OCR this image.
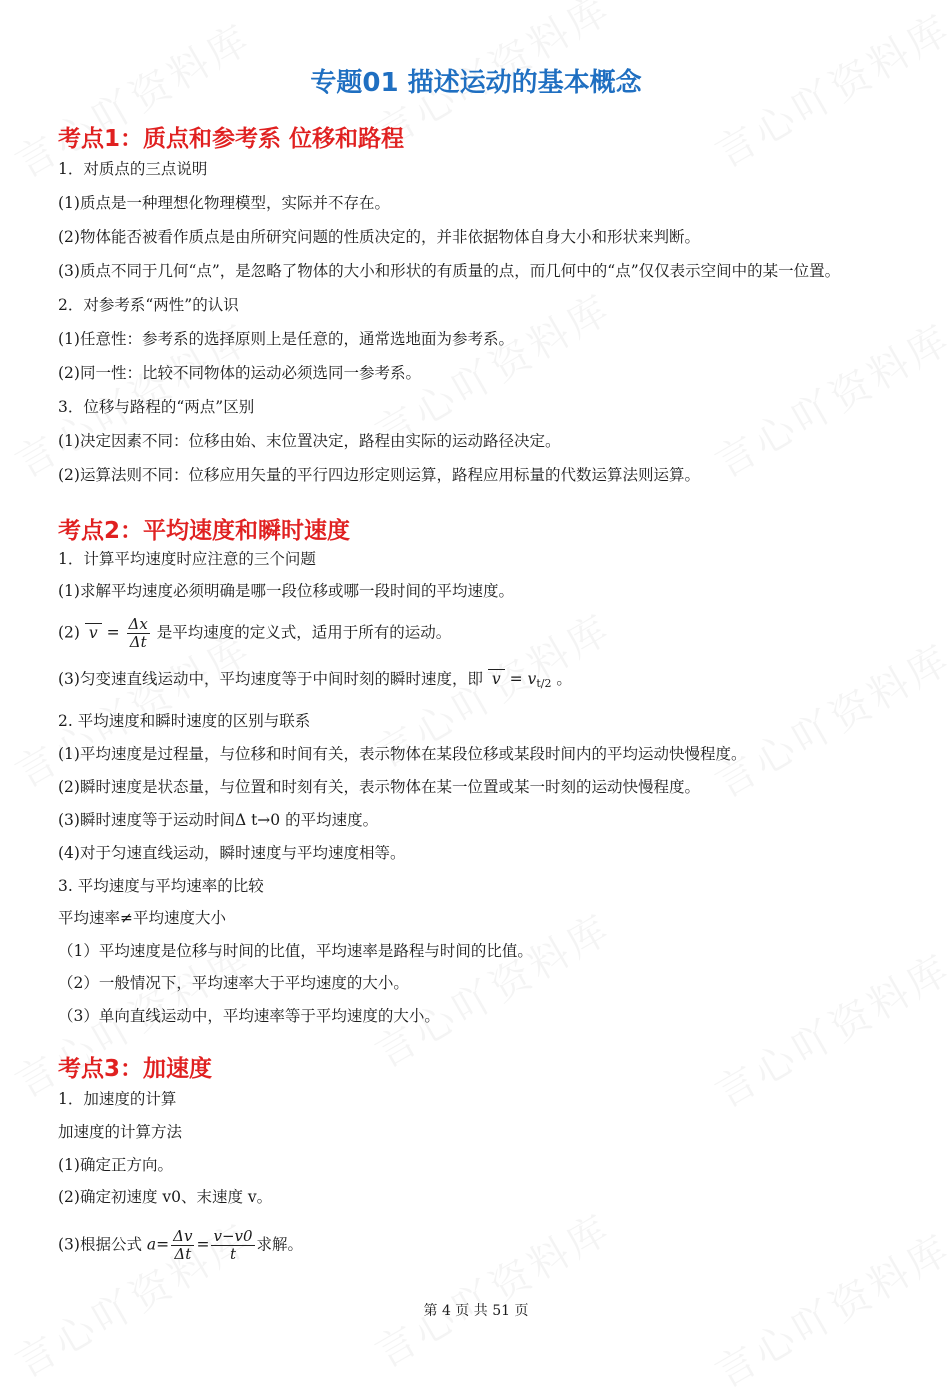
专题01 描述运动的基本概念
考点1：质点和参考系 位移和路程
1．对质点的三点说明
(1)质点是一种理想化物理模型，实际并不存在。
(2)物体能否被看作质点是由所研究问题的性质决定的，并非依据物体自身大小和形状来判断。
(3)质点不同于几何“点”，是忽略了物体的大小和形状的有质量的点，而几何中的“点”仅仅表示空间中的某一位置。
2．对参考系“两性”的认识
(1)任意性：参考系的选择原则上是任意的，通常选地面为参考系。
(2)同一性：比较不同物体的运动必须选同一参考系。
3．位移与路程的“两点”区别
(1)决定因素不同：位移由始、末位置决定，路程由实际的运动路径决定。
(2)运算法则不同：位移应用矢量的平行四边形定则运算，路程应用标量的代数运算法则运算。
考点2：平均速度和瞬时速度
1．计算平均速度时应注意的三个问题
(1)求解平均速度必须明确是哪一段位移或哪一段时间的平均速度。
(2) $v = \frac{\Delta x}{\Delta t}$ 是平均速度的定义式，适用于所有的运动。
(3)匀变速直线运动中，平均速度等于中间时刻的瞬时速度，即 $v = v_{t/2}$ 。
2. 平均速度和瞬时速度的区别与联系
(1)平均速度是过程量，与位移和时间有关，表示物体在某段位移或某段时间内的平均运动快慢程度。
(2)瞬时速度是状态量，与位置和时刻有关，表示物体在某一位置或某一时刻的运动快慢程度。
(3)瞬时速度等于运动时间Δ t→0 的平均速度。
(4)对于匀速直线运动，瞬时速度与平均速度相等。
3. 平均速度与平均速率的比较
平均速率≠平均速度大小
（1）平均速度是位移与时间的比值，平均速率是路程与时间的比值。
（2）一般情况下，平均速率大于平均速度的大小。
（3）单向直线运动中，平均速率等于平均速度的大小。
考点3：加速度
1．加速度的计算
加速度的计算方法
(1)确定正方向。
(2)确定初速度 v0、末速度 v。
(3)根据公式 $a= \frac{\Delta v}{\Delta t} = \frac{v-v0}{t}$ 求解。
第 4 页 共 51 页
